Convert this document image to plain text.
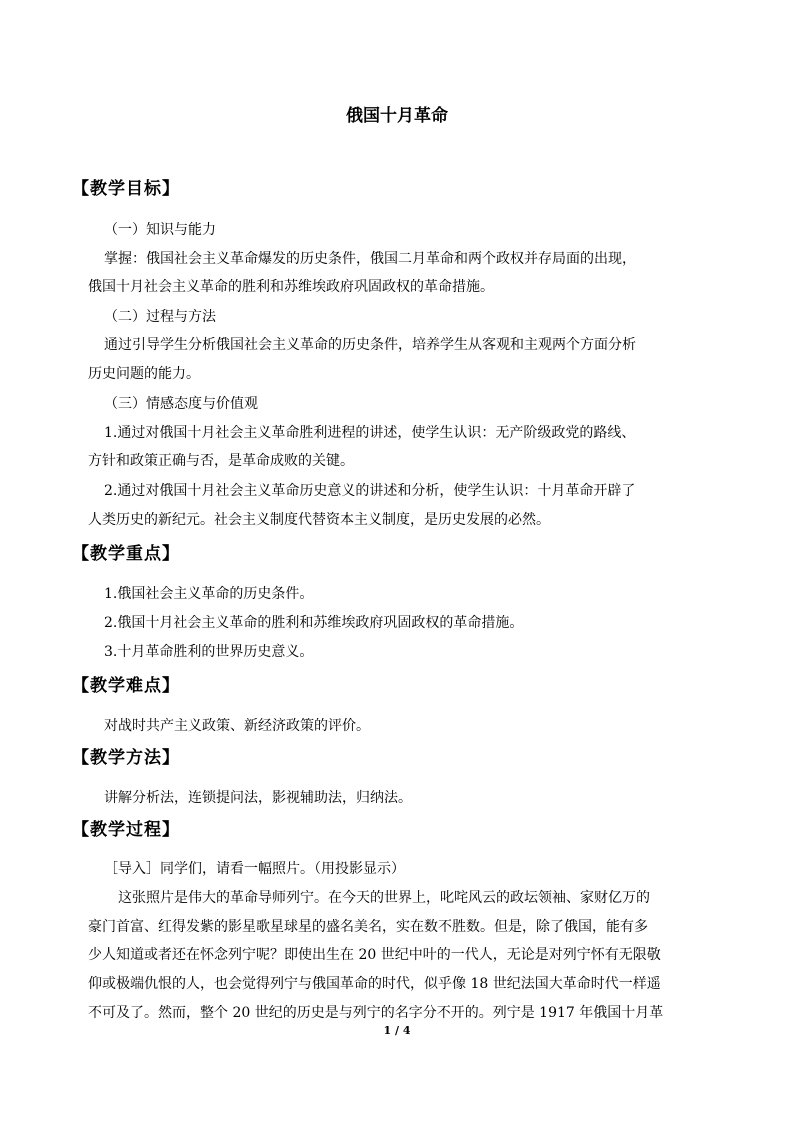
俄国十月革命
【教学目标】
（一）知识与能力
掌握：俄国社会主义革命爆发的历史条件，俄国二月革命和两个政权并存局面的出现，
俄国十月社会主义革命的胜利和苏维埃政府巩固政权的革命措施。
（二）过程与方法
通过引导学生分析俄国社会主义革命的历史条件，培养学生从客观和主观两个方面分析
历史问题的能力。
（三）情感态度与价值观
1.通过对俄国十月社会主义革命胜利进程的讲述，使学生认识：无产阶级政党的路线、
方针和政策正确与否，是革命成败的关键。
2.通过对俄国十月社会主义革命历史意义的讲述和分析，使学生认识：十月革命开辟了
人类历史的新纪元。社会主义制度代替资本主义制度，是历史发展的必然。
【教学重点】
1.俄国社会主义革命的历史条件。
2.俄国十月社会主义革命的胜利和苏维埃政府巩固政权的革命措施。
3.十月革命胜利的世界历史意义。
【教学难点】
对战时共产主义政策、新经济政策的评价。
【教学方法】
讲解分析法，连锁提问法，影视辅助法，归纳法。
【教学过程】
［导入］同学们，请看一幅照片。（用投影显示）
这张照片是伟大的革命导师列宁。在今天的世界上，叱咤风云的政坛领袖、家财亿万的
豪门首富、红得发紫的影星歌星球星的盛名美名，实在数不胜数。但是，除了俄国，能有多
少人知道或者还在怀念列宁呢？即使出生在 20 世纪中叶的一代人，无论是对列宁怀有无限敬
仰或极端仇恨的人，也会觉得列宁与俄国革命的时代，似乎像 18 世纪法国大革命时代一样遥
不可及了。然而，整个 20 世纪的历史是与列宁的名字分不开的。列宁是 1917 年俄国十月革
1 / 4
